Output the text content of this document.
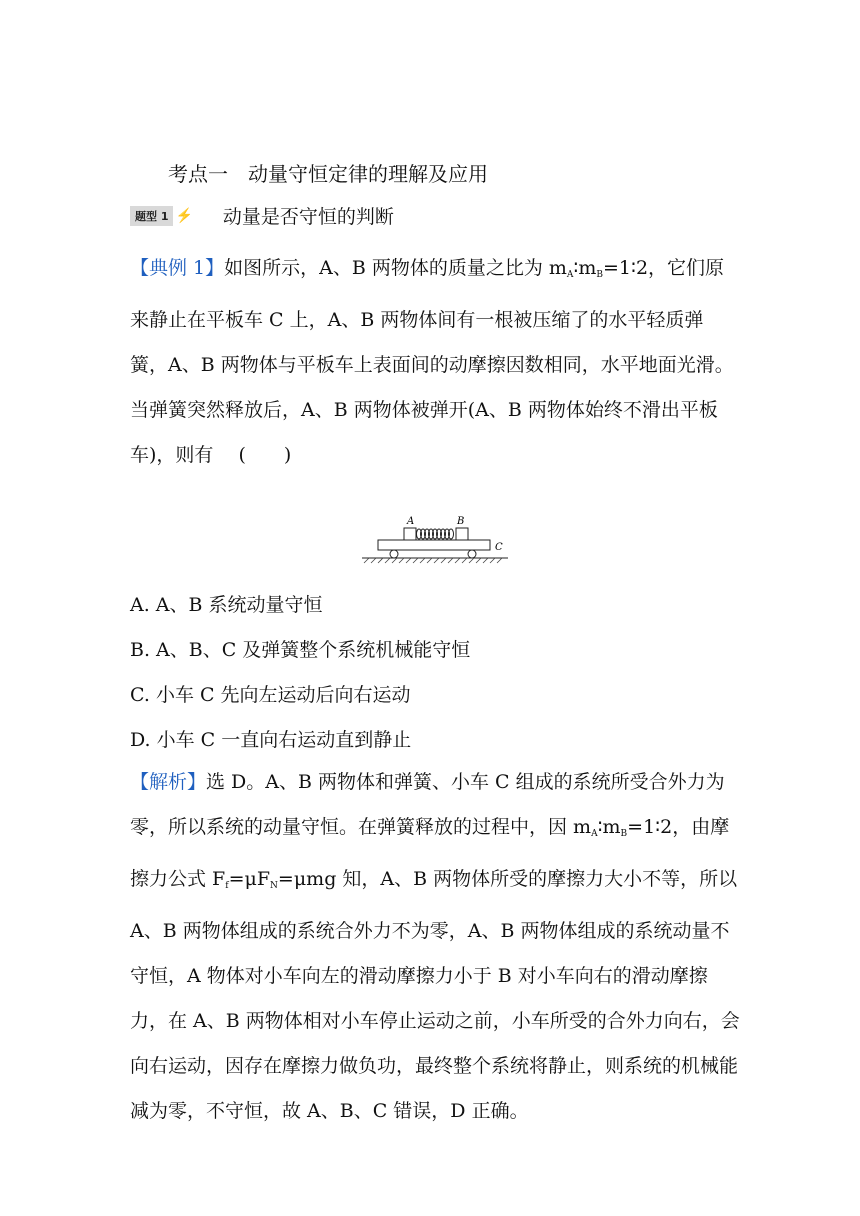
考点一　动量守恒定律的理解及应用
题型 1 ⚡ 动量是否守恒的判断
【典例 1】如图所示，A、B 两物体的质量之比为 $m_A∶m_B=1∶2$，它们原来静止在平板车 C 上，A、B 两物体间有一根被压缩了的水平轻质弹簧，A、B 两物体与平板车上表面间的动摩擦因数相同，水平地面光滑。当弹簧突然释放后，A、B 两物体被弹开(A、B 两物体始终不滑出平板车)，则有　 (　　)
A	B
C
A. A、B 系统动量守恒
B. A、B、C 及弹簧整个系统机械能守恒
C. 小车 C 先向左运动后向右运动
D. 小车 C 一直向右运动直到静止
【解析】选 D。A、B 两物体和弹簧、小车 C 组成的系统所受合外力为零，所以系统的动量守恒。在弹簧释放的过程中，因 $m_A∶m_B=1∶2$，由摩擦力公式 $F_f=\mu F_N=\mu mg$ 知，A、B 两物体所受的摩擦力大小不等，所以 A、B 两物体组成的系统合外力不为零，A、B 两物体组成的系统动量不守恒，A 物体对小车向左的滑动摩擦力小于 B 对小车向右的滑动摩擦力，在 A、B 两物体相对小车停止运动之前，小车所受的合外力向右，会向右运动，因存在摩擦力做负功，最终整个系统将静止，则系统的机械能减为零，不守恒，故 A、B、C 错误，D 正确。
